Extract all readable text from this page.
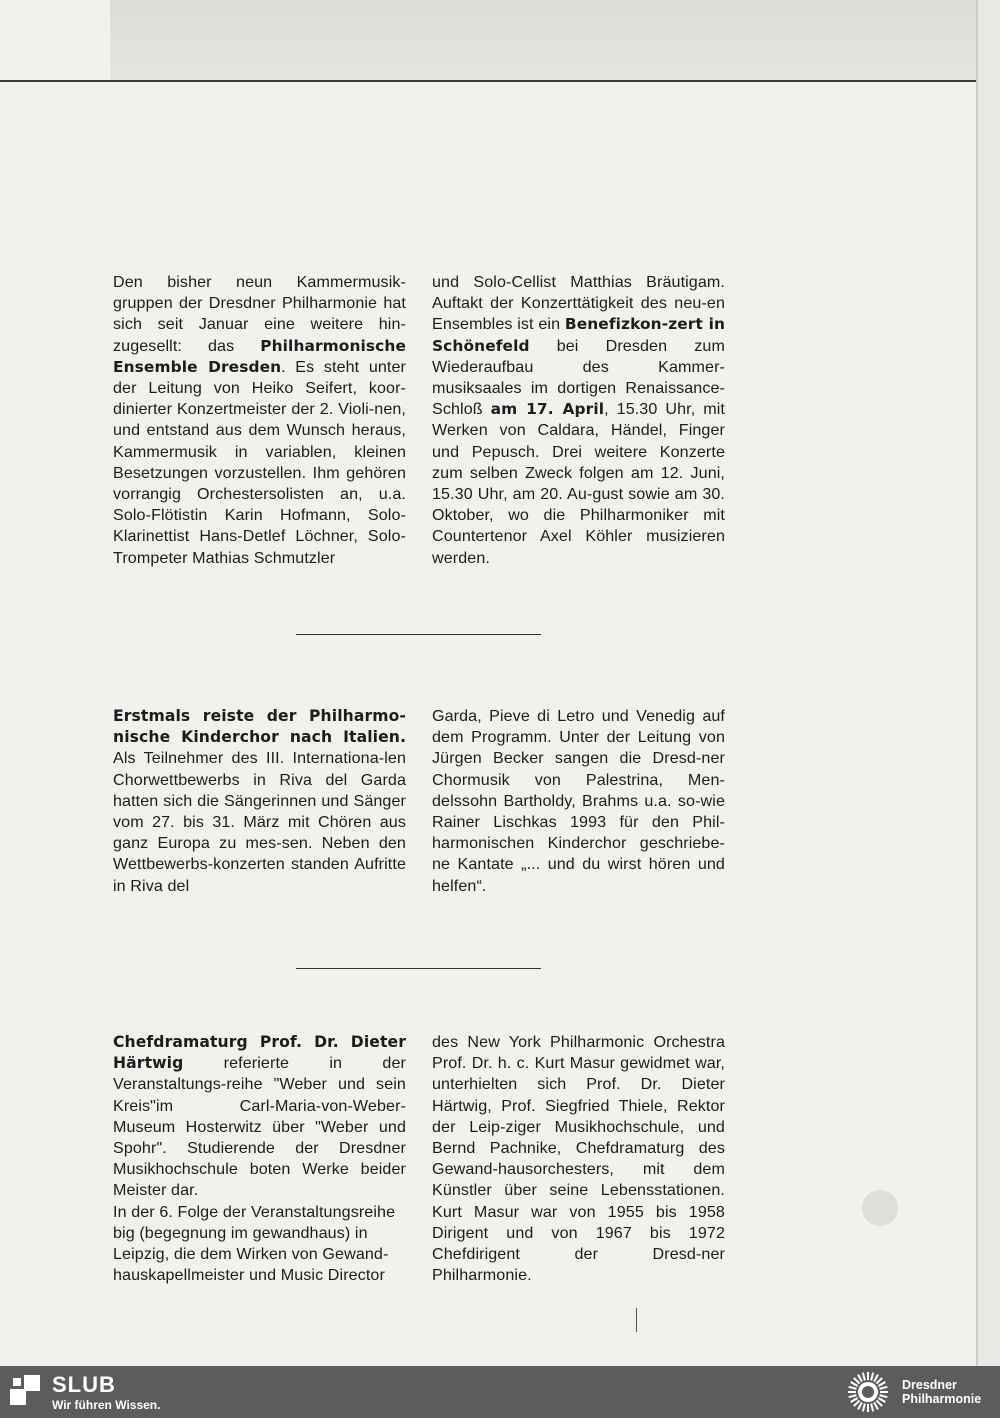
Den bisher neun Kammermusik-gruppen der Dresdner Philharmonie hat sich seit Januar eine weitere hin-zugesellt: das Philharmonische Ensemble Dresden. Es steht unter der Leitung von Heiko Seifert, koor-dinierter Konzertmeister der 2. Violi-nen, und entstand aus dem Wunsch heraus, Kammermusik in variablen, kleinen Besetzungen vorzustellen. Ihm gehören vorrangig Orchestersolisten an, u.a. Solo-Flötistin Karin Hofmann, Solo-Klarinettist Hans-Detlef Löchner, Solo-Trompeter Mathias Schmutzler

und Solo-Cellist Matthias Bräutigam. Auftakt der Konzerttätigkeit des neu-en Ensembles ist ein Benefizkon-zert in Schönefeld bei Dresden zum Wiederaufbau des Kammer-musiksaales im dortigen Renaissance-Schloß am 17. April, 15.30 Uhr, mit Werken von Caldara, Händel, Finger und Pepusch. Drei weitere Konzerte zum selben Zweck folgen am 12. Juni, 15.30 Uhr, am 20. Au-gust sowie am 30. Oktober, wo die Philharmoniker mit Countertenor Axel Köhler musizieren werden.

Erstmals reiste der Philharmo-nische Kinderchor nach Italien. Als Teilnehmer des III. Internationa-len Chorwettbewerbs in Riva del Garda hatten sich die Sängerinnen und Sänger vom 27. bis 31. März mit Chören aus ganz Europa zu mes-sen. Neben den Wettbewerbs-konzerten standen Aufritte in Riva del

Garda, Pieve di Letro und Venedig auf dem Programm. Unter der Leitung von Jürgen Becker sangen die Dresd-ner Chormusik von Palestrina, Men-delssohn Bartholdy, Brahms u.a. so-wie Rainer Lischkas 1993 für den Phil-harmonischen Kinderchor geschriebe-ne Kantate „... und du wirst hören und helfen“.

Chefdramaturg Prof. Dr. Dieter Härtwig referierte in der Veranstaltungs-reihe "Weber und sein Kreis"im Carl-Maria-von-Weber-Museum Hosterwitz über "Weber und Spohr". Studierende der Dresdner Musikhochschule boten Werke beider Meister dar.

In der 6. Folge der Veranstaltungsreihe big (begegnung im gewandhaus) in Leipzig, die dem Wirken von Gewand-hauskapellmeister und Music Director

des New York Philharmonic Orchestra Prof. Dr. h. c. Kurt Masur gewidmet war, unterhielten sich Prof. Dr. Dieter Härtwig, Prof. Siegfried Thiele, Rektor der Leip-ziger Musikhochschule, und Bernd Pachnike, Chefdramaturg des Gewand-hausorchesters, mit dem Künstler über seine Lebensstationen. Kurt Masur war von 1955 bis 1958 Dirigent und von 1967 bis 1972 Chefdirigent der Dresd-ner Philharmonie.

SLUB
Wir führen Wissen.
Dresdner
Philharmonie
